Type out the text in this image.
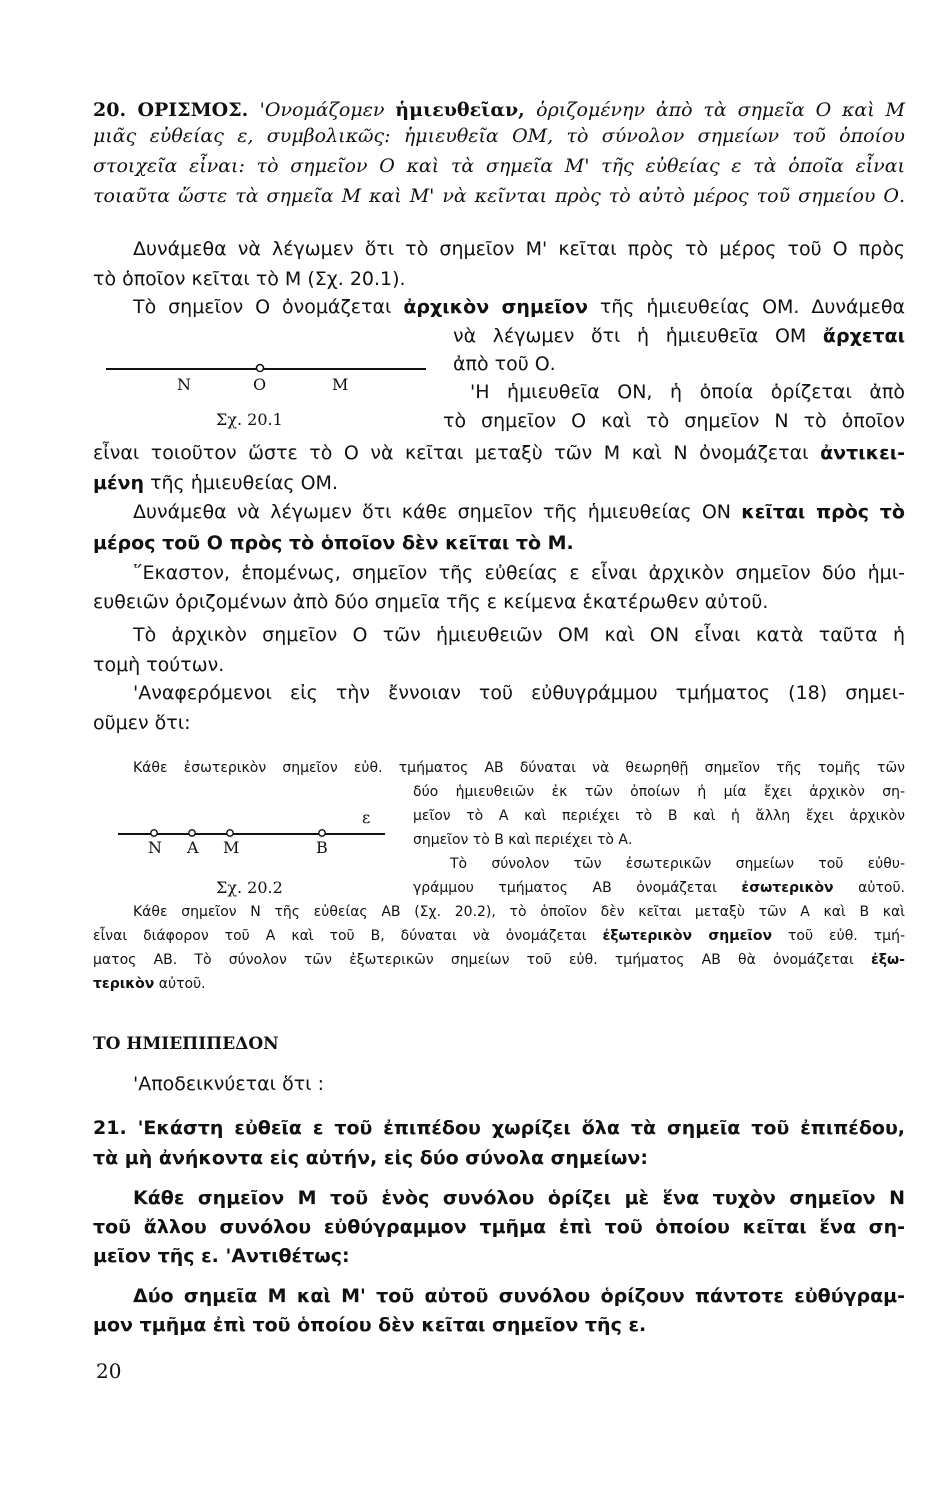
20. ΟΡΙΣΜΟΣ. 'Ονομάζομεν ἡμιευθεῖαν, ὁριζομένην ἀπὸ τὰ σημεῖα Ο καὶ Μ

μιᾶς εὐθείας ε, συμβολικῶς: ἡμιευθεῖα ΟΜ, τὸ σύνολον σημείων τοῦ ὁποίου

στοιχεῖα εἶναι: τὸ σημεῖον Ο καὶ τὰ σημεῖα Μ' τῆς εὐθείας ε τὰ ὁποῖα εἶναι

τοιαῦτα ὥστε τὰ σημεῖα Μ καὶ Μ' νὰ κεῖνται πρὸς τὸ αὐτὸ μέρος τοῦ σημείου Ο.

Δυνάμεθα νὰ λέγωμεν ὅτι τὸ σημεῖον Μ' κεῖται πρὸς τὸ μέρος τοῦ Ο πρὸς

τὸ ὁποῖον κεῖται τὸ Μ (Σχ. 20.1).

Τὸ σημεῖον Ο ὀνομάζεται ἀρχικὸν σημεῖον τῆς ἡμιευθείας ΟΜ. Δυνάμεθα

νὰ λέγωμεν ὅτι ἡ ἡμιευθεῖα ΟΜ ἄρχεται

ἀπὸ τοῦ Ο.

'Η ἡμιευθεῖα ΟΝ, ἡ ὁποία ὁρίζεται ἀπὸ

τὸ σημεῖον Ο καὶ τὸ σημεῖον Ν τὸ ὁποῖον

εἶναι τοιοῦτον ὥστε τὸ Ο νὰ κεῖται μεταξὺ τῶν Μ καὶ Ν ὀνομάζεται ἀντικει-

μένη τῆς ἡμιευθείας ΟΜ.

Ν	Ο	Μ
Σχ. 20.1

Δυνάμεθα νὰ λέγωμεν ὅτι κάθε σημεῖον τῆς ἡμιευθείας ΟΝ κεῖται πρὸς τὸ

μέρος τοῦ Ο πρὸς τὸ ὁποῖον δὲν κεῖται τὸ Μ.

῞Εκαστον, ἑπομένως, σημεῖον τῆς εὐθείας ε εἶναι ἀρχικὸν σημεῖον δύο ἡμι-

ευθειῶν ὁριζομένων ἀπὸ δύο σημεῖα τῆς ε κείμενα ἑκατέρωθεν αὐτοῦ.

Τὸ ἀρχικὸν σημεῖον Ο τῶν ἡμιευθειῶν ΟΜ καὶ ΟΝ εἶναι κατὰ ταῦτα ἡ

τομὴ τούτων.

'Αναφερόμενοι εἰς τὴν ἔννοιαν τοῦ εὐθυγράμμου τμήματος (18) σημει-

οῦμεν ὅτι:

Κάθε ἐσωτερικὸν σημεῖον εὐθ. τμήματος ΑΒ δύναται νὰ θεωρηθῇ σημεῖον τῆς τομῆς τῶν

δύο ἡμιευθειῶν ἐκ τῶν ὁποίων ἡ μία ἔχει ἀρχικὸν ση-

μεῖον τὸ Α καὶ περιέχει τὸ Β καὶ ἡ ἄλλη ἔχει ἀρχικὸν

σημεῖον τὸ Β καὶ περιέχει τὸ Α.

Τὸ σύνολον τῶν ἐσωτερικῶν σημείων τοῦ εὐθυ-

γράμμου τμήματος ΑΒ ὀνομάζεται ἐσωτερικὸν αὐτοῦ.

ε
Ν Α Μ	Β
Σχ. 20.2

Κάθε σημεῖον Ν τῆς εὐθείας ΑΒ (Σχ. 20.2), τὸ ὁποῖον δὲν κεῖται μεταξὺ τῶν Α καὶ Β καὶ

εἶναι διάφορον τοῦ Α καὶ τοῦ Β, δύναται νὰ ὀνομάζεται ἐξωτερικὸν σημεῖον τοῦ εὐθ. τμή-

ματος ΑΒ. Τὸ σύνολον τῶν ἐξωτερικῶν σημείων τοῦ εὐθ. τμήματος ΑΒ θὰ ὀνομάζεται ἐξω-

τερικὸν αὐτοῦ.

ΤΟ ΗΜΙΕΠΙΠΕΔΟΝ

'Αποδεικνύεται ὅτι :

21. 'Εκάστη εὐθεῖα ε τοῦ ἐπιπέδου χωρίζει ὅλα τὰ σημεῖα τοῦ ἐπιπέδου,

τὰ μὴ ἀνήκοντα εἰς αὐτήν, εἰς δύο σύνολα σημείων:

Κάθε σημεῖον Μ τοῦ ἑνὸς συνόλου ὁρίζει μὲ ἕνα τυχὸν σημεῖον Ν

τοῦ ἄλλου συνόλου εὐθύγραμμον τμῆμα ἐπὶ τοῦ ὁποίου κεῖται ἕνα ση-

μεῖον τῆς ε. 'Αντιθέτως:

Δύο σημεῖα Μ καὶ Μ' τοῦ αὐτοῦ συνόλου ὁρίζουν πάντοτε εὐθύγραμ-

μον τμῆμα ἐπὶ τοῦ ὁποίου δὲν κεῖται σημεῖον τῆς ε.

20
